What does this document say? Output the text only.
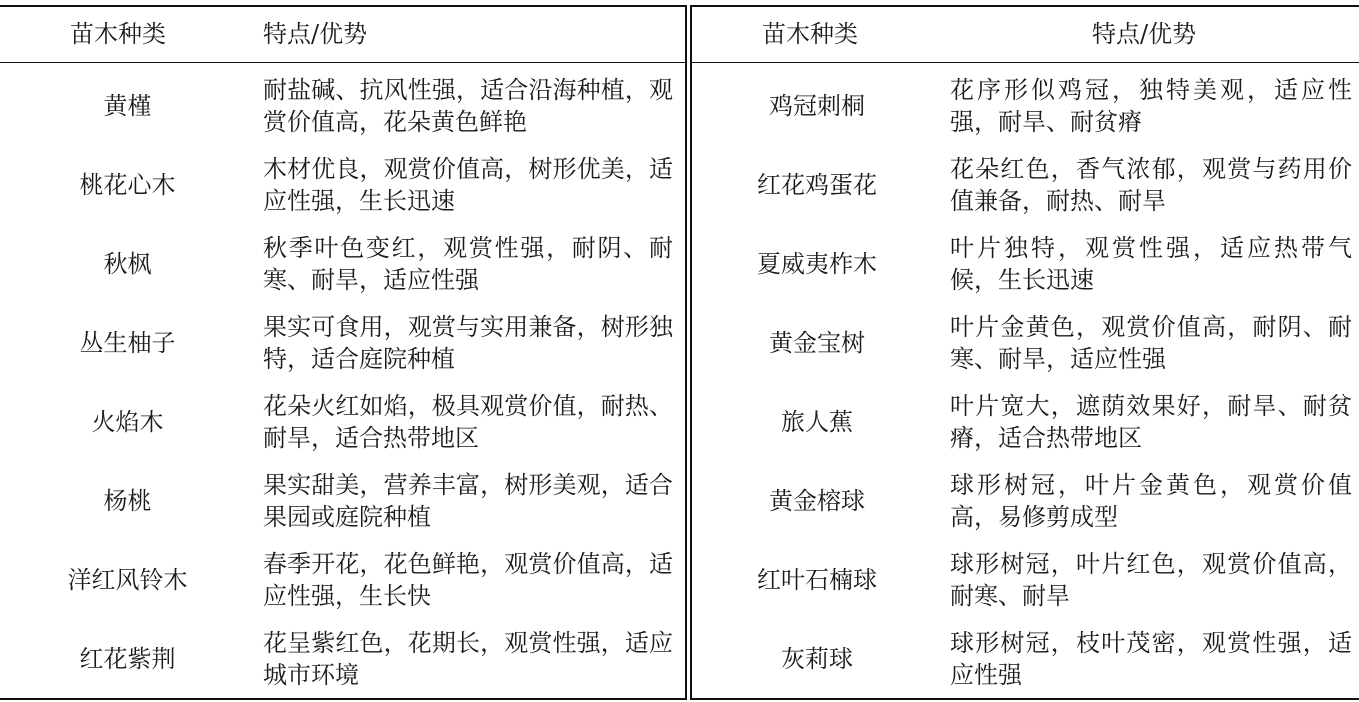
苗木种类	特点/优势
黄槿
耐盐碱、抗风性强，适合沿海种植，观赏价值高，花朵黄色鲜艳
桃花心木
木材优良，观赏价值高，树形优美，适应性强，生长迅速
秋枫
秋季叶色变红，观赏性强，耐阴、耐寒、耐旱，适应性强
丛生柚子
果实可食用，观赏与实用兼备，树形独特，适合庭院种植
火焰木
花朵火红如焰，极具观赏价值，耐热、耐旱，适合热带地区
杨桃
果实甜美，营养丰富，树形美观，适合果园或庭院种植
洋红风铃木
春季开花，花色鲜艳，观赏价值高，适应性强，生长快
红花紫荆
花呈紫红色，花期长，观赏性强，适应城市环境
苗木种类	特点/优势
鸡冠刺桐
花序形似鸡冠，独特美观，适应性强，耐旱、耐贫瘠
红花鸡蛋花
花朵红色，香气浓郁，观赏与药用价值兼备，耐热、耐旱
夏威夷柞木
叶片独特，观赏性强，适应热带气候，生长迅速
黄金宝树
叶片金黄色，观赏价值高，耐阴、耐寒、耐旱，适应性强
旅人蕉
叶片宽大，遮荫效果好，耐旱、耐贫瘠，适合热带地区
黄金榕球
球形树冠，叶片金黄色，观赏价值高，易修剪成型
红叶石楠球
球形树冠，叶片红色，观赏价值高，耐寒、耐旱
灰莉球
球形树冠，枝叶茂密，观赏性强，适应性强
